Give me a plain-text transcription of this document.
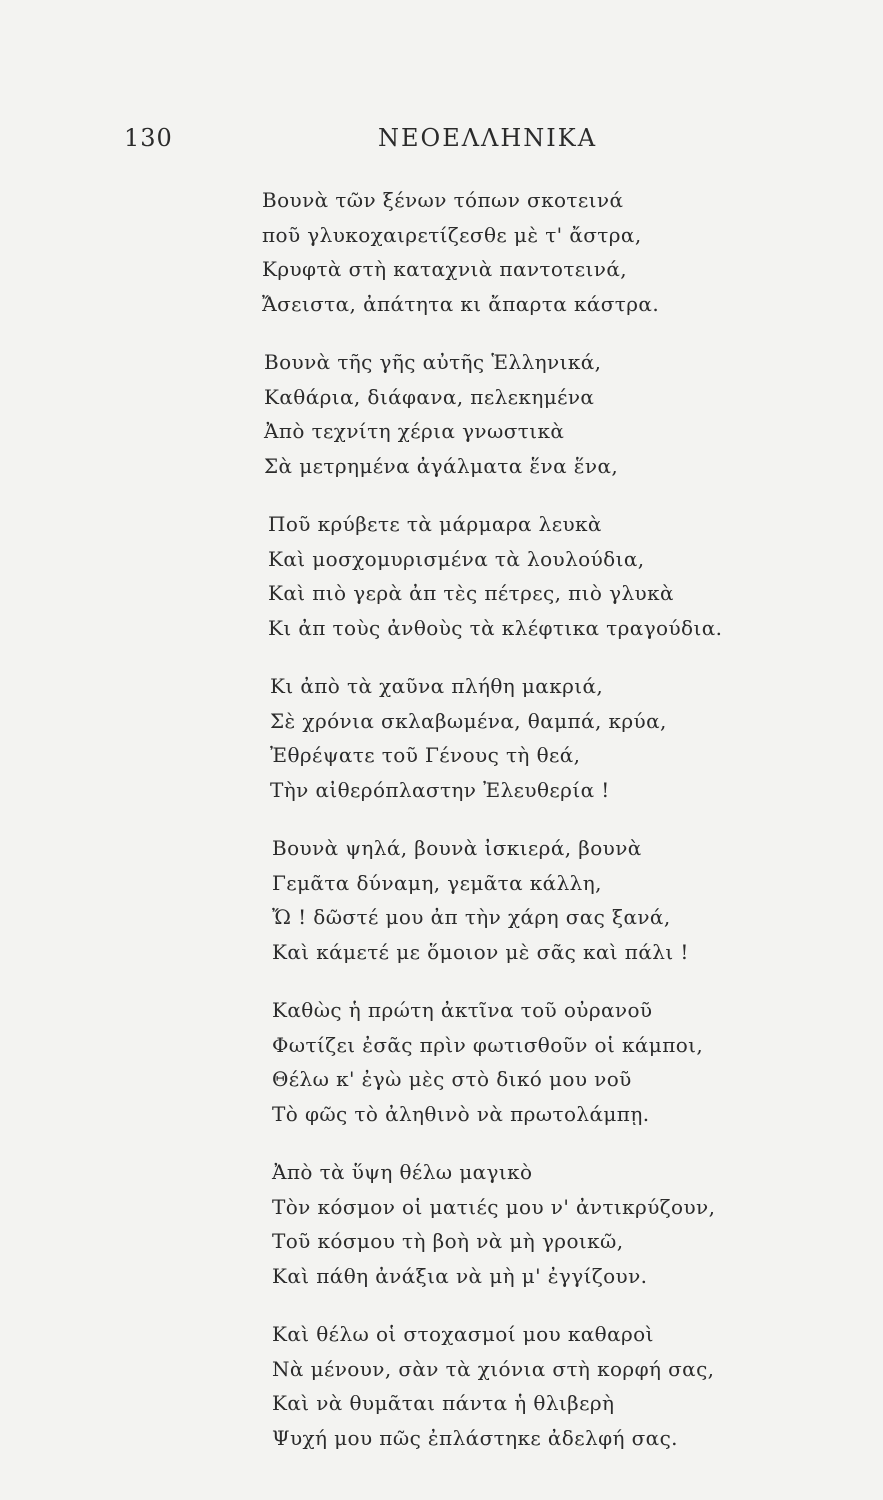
130	ΝΕΟΕΛΛΗΝΙΚΑ
Βουνὰ τῶν ξένων τόπων σκοτεινά
ποῦ γλυκοχαιρετίζεσθε μὲ τ' ἄστρα,
Κρυφτὰ στὴ καταχνιὰ παντοτεινά,
Ἄσειστα, ἀπάτητα κι ἄπαρτα κάστρα.
Βουνὰ τῆς γῆς αὐτῆς Ἑλληνικά,
Καθάρια, διάφανα, πελεκημένα
Ἀπὸ τεχνίτη χέρια γνωστικὰ
Σὰ μετρημένα ἀγάλματα ἕνα ἕνα,
Ποῦ κρύβετε τὰ μάρμαρα λευκὰ
Καὶ μοσχομυρισμένα τὰ λουλούδια,
Καὶ πιὸ γερὰ ἀπ τὲς πέτρες, πιὸ γλυκὰ
Κι ἀπ τοὺς ἀνθοὺς τὰ κλέφτικα τραγούδια.
Κι ἀπὸ τὰ χαῦνα πλήθη μακριά,
Σὲ χρόνια σκλαβωμένα, θαμπά, κρύα,
Ἐθρέψατε τοῦ Γένους τὴ θεά,
Τὴν αἰθερόπλαστην Ἐλευθερία !
Βουνὰ ψηλά, βουνὰ ἰσκιερά, βουνὰ
Γεμᾶτα δύναμη, γεμᾶτα κάλλη,
Ὤ ! δῶστέ μου ἀπ τὴν χάρη σας ξανά,
Καὶ κάμετέ με ὅμοιον μὲ σᾶς καὶ πάλι !
Καθὼς ἡ πρώτη ἀκτῖνα τοῦ οὐρανοῦ
Φωτίζει ἐσᾶς πρὶν φωτισθοῦν οἱ κάμποι,
Θέλω κ' ἐγὼ μὲς στὸ δικό μου νοῦ
Τὸ φῶς τὸ ἀληθινὸ νὰ πρωτολάμπῃ.
Ἀπὸ τὰ ὕψη θέλω μαγικὸ
Τὸν κόσμον οἱ ματιές μου ν' ἀντικρύζουν,
Τοῦ κόσμου τὴ βοὴ νὰ μὴ γροικῶ,
Καὶ πάθη ἀνάξια νὰ μὴ μ' ἐγγίζουν.
Καὶ θέλω οἱ στοχασμοί μου καθαροὶ
Νὰ μένουν, σὰν τὰ χιόνια στὴ κορφή σας,
Καὶ νὰ θυμᾶται πάντα ἡ θλιβερὴ
Ψυχή μου πῶς ἐπλάστηκε ἀδελφή σας.
